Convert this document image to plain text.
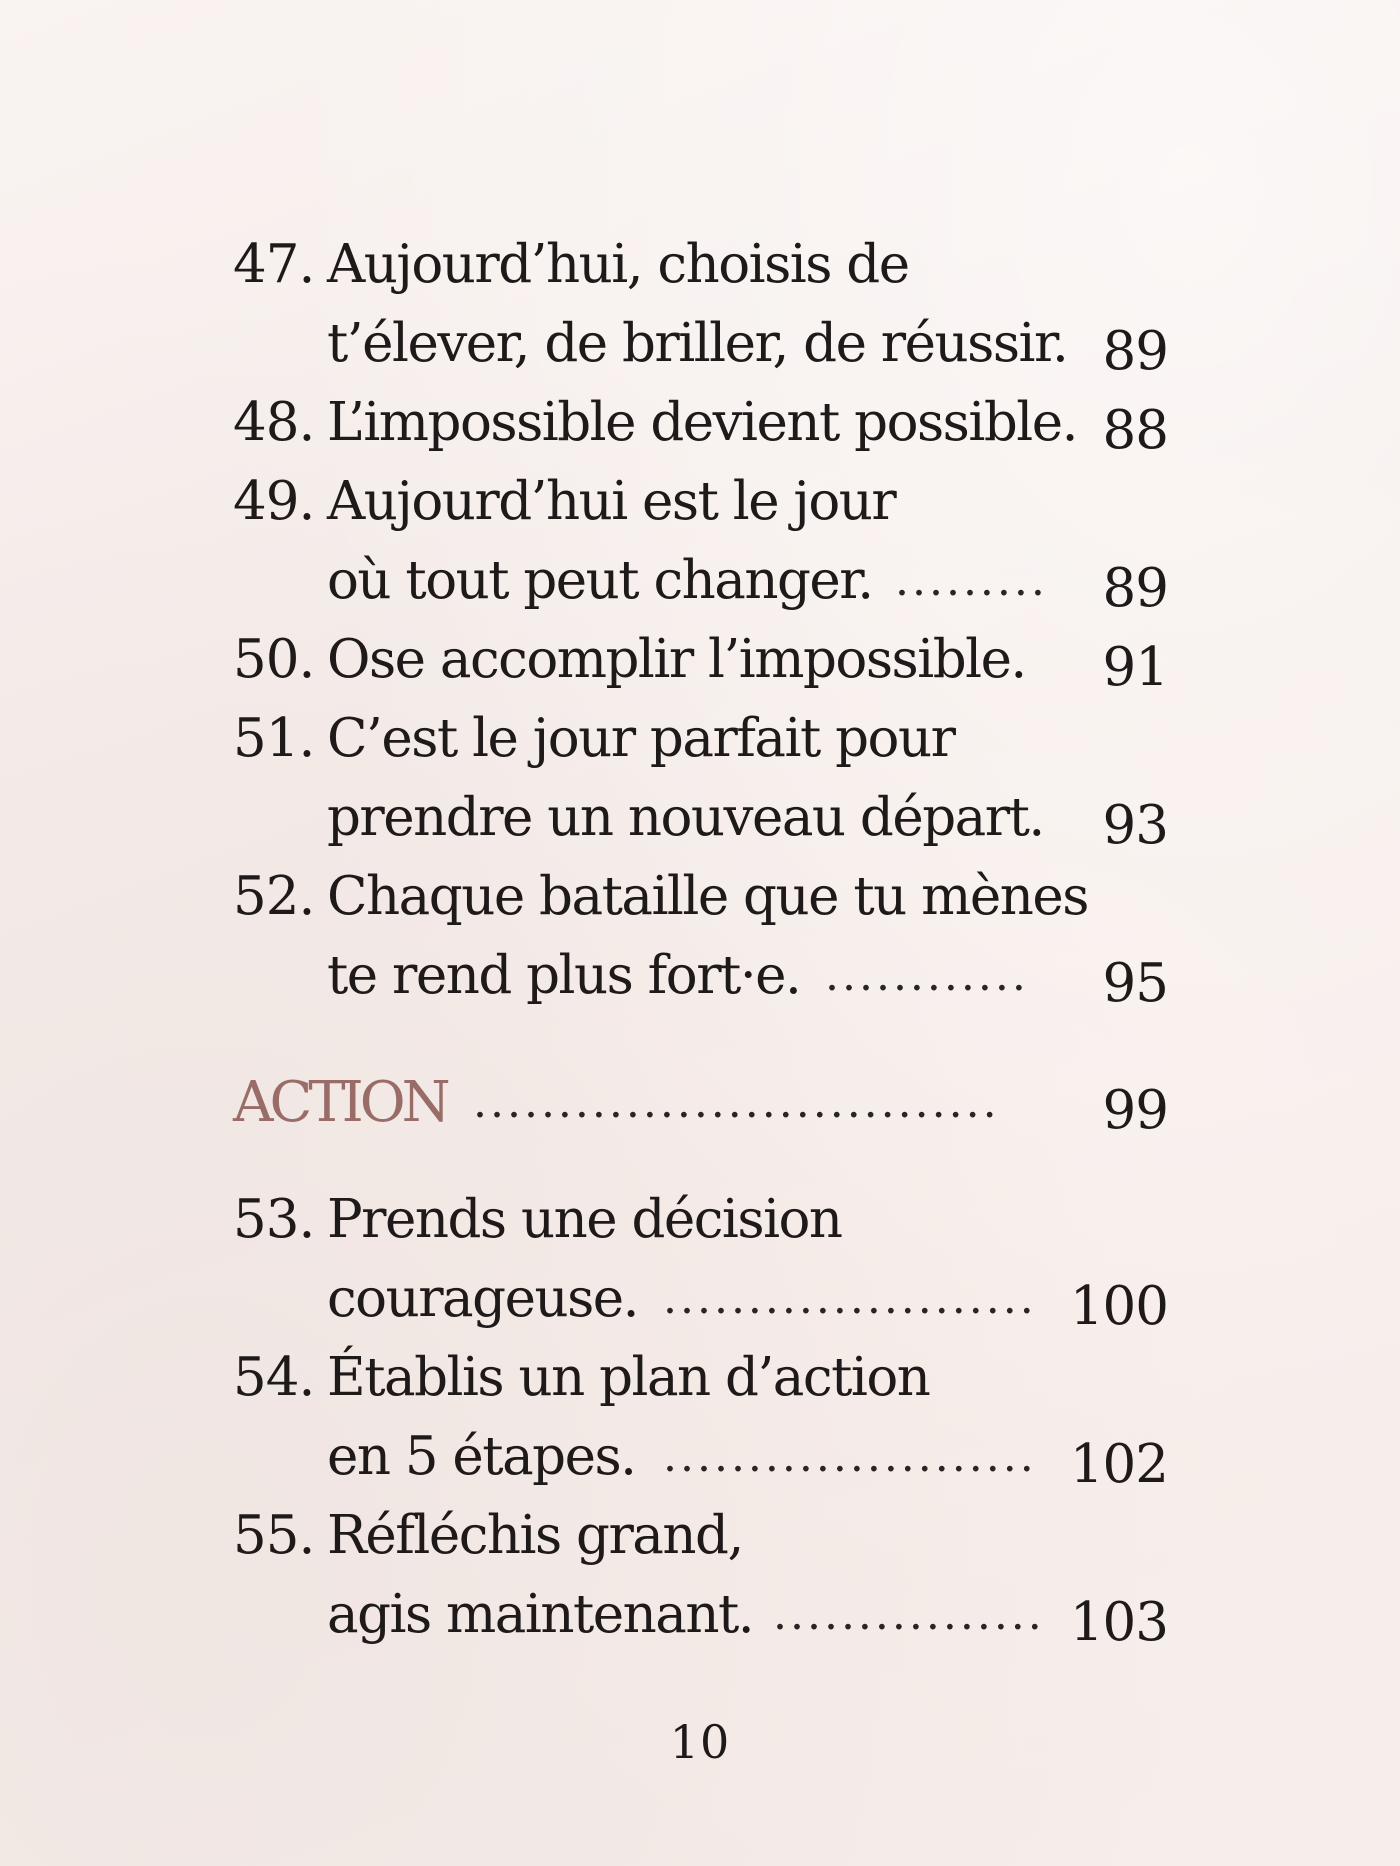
47. Aujourd’hui, choisis de
t’élever, de briller, de réussir. 89
48. L’impossible devient possible. 88
49. Aujourd’hui est le jour
où tout peut changer. ......... 89
50. Ose accomplir l’impossible. 91
51. C’est le jour parfait pour
prendre un nouveau départ. 93
52. Chaque bataille que tu mènes
te rend plus fort·e. ............ 95
ACTION ............................... 99
53. Prends une décision
courageuse. ...................... 100
54. Établis un plan d’action
en 5 étapes. ...................... 102
55. Réfléchis grand,
agis maintenant. ................ 103
10
